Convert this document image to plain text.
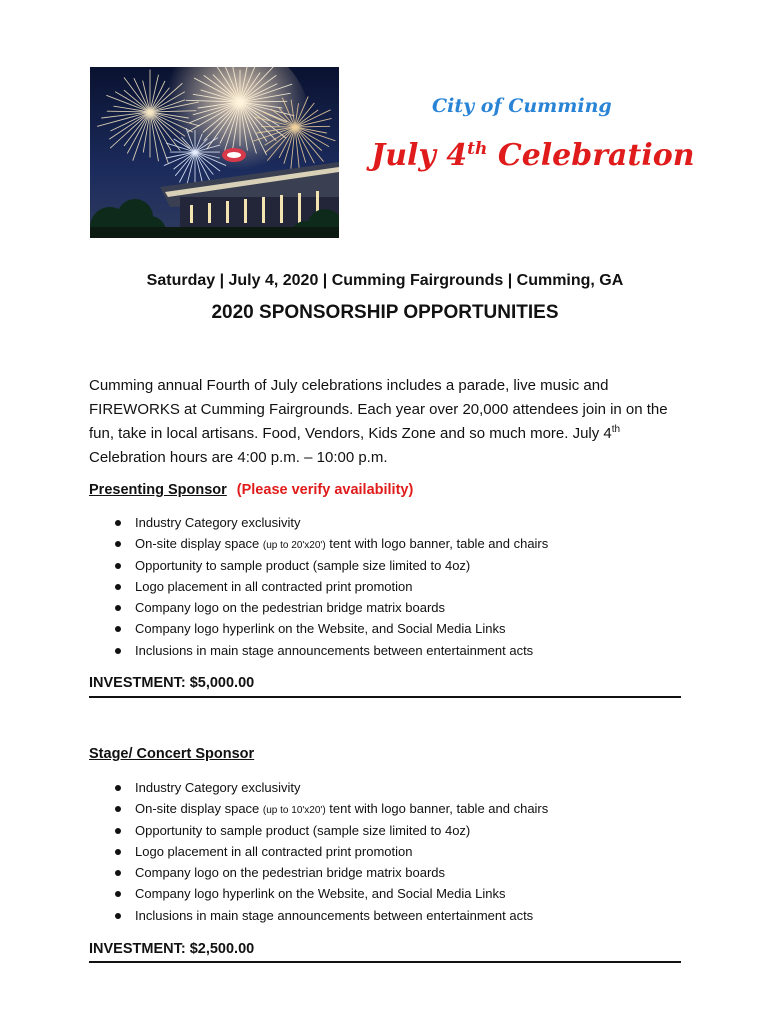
City of Cumming
July 4th Celebration
Saturday | July 4, 2020 | Cumming Fairgrounds | Cumming, GA
2020 SPONSORSHIP OPPORTUNITIES
Cumming annual Fourth of July celebrations includes a parade, live music and FIREWORKS at Cumming Fairgrounds. Each year over 20,000 attendees join in on the fun, take in local artisans. Food, Vendors, Kids Zone and so much more. July 4th Celebration hours are 4:00 p.m. – 10:00 p.m.
Presenting Sponsor (Please verify availability)
Industry Category exclusivity
On-site display space (up to 20'x20') tent with logo banner, table and chairs
Opportunity to sample product (sample size limited to 4oz)
Logo placement in all contracted print promotion
Company logo on the pedestrian bridge matrix boards
Company logo hyperlink on the Website, and Social Media Links
Inclusions in main stage announcements between entertainment acts
INVESTMENT: $5,000.00
Stage/ Concert Sponsor
Industry Category exclusivity
On-site display space (up to 10'x20') tent with logo banner, table and chairs
Opportunity to sample product (sample size limited to 4oz)
Logo placement in all contracted print promotion
Company logo on the pedestrian bridge matrix boards
Company logo hyperlink on the Website, and Social Media Links
Inclusions in main stage announcements between entertainment acts
INVESTMENT: $2,500.00
